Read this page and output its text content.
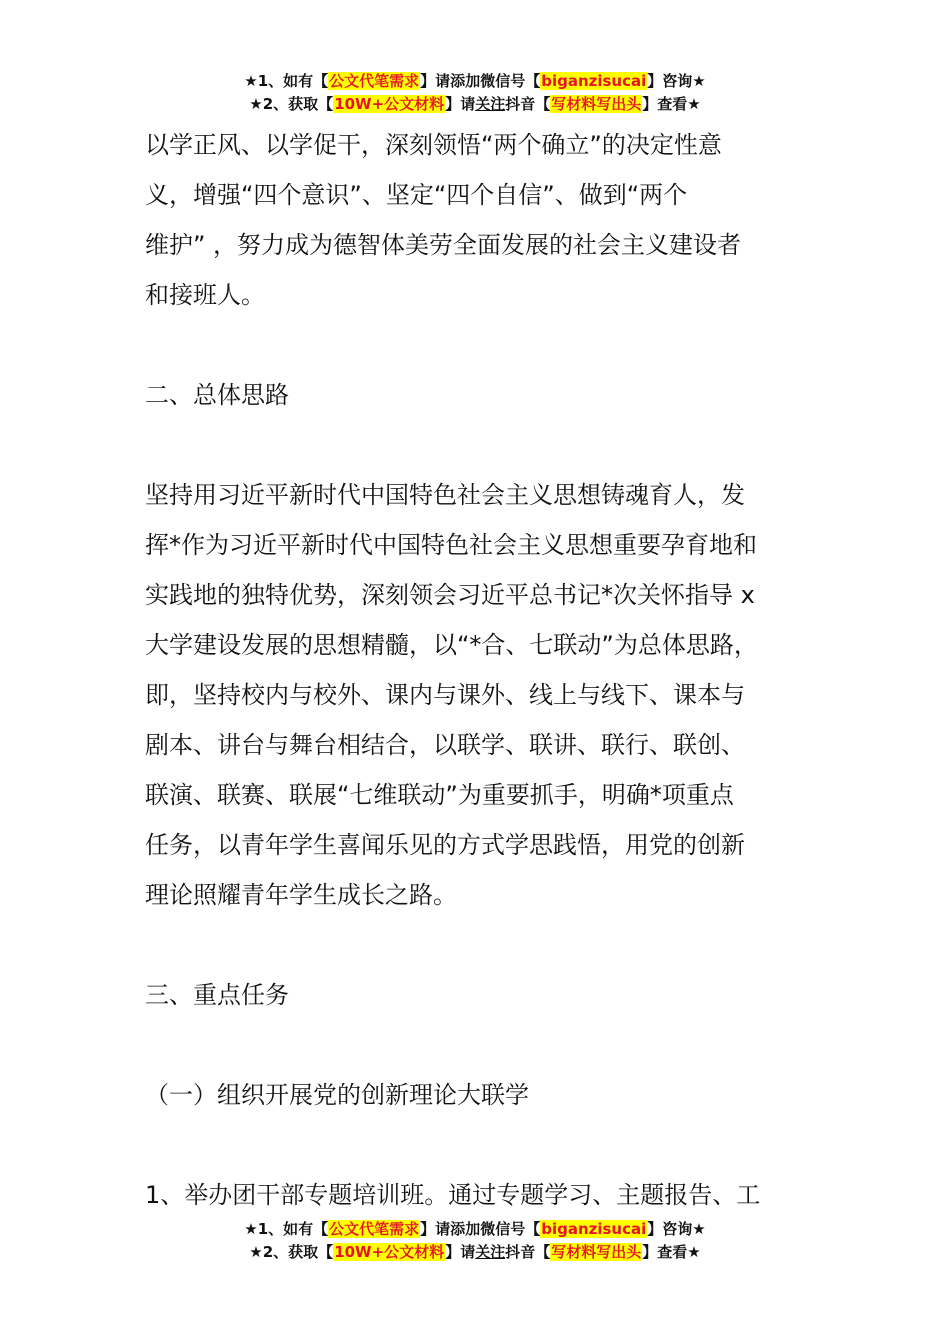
★1、如有【公文代笔需求】请添加微信号【biganzisucai】咨询★
★2、获取【10W+公文材料】请关注抖音【写材料写出头】查看★

以学正风、以学促干，深刻领悟“两个确立”的决定性意

义，增强“四个意识”、坚定“四个自信”、做到“两个

维护” ，努力成为德智体美劳全面发展的社会主义建设者

和接班人。

二、总体思路

坚持用习近平新时代中国特色社会主义思想铸魂育人，发

挥*作为习近平新时代中国特色社会主义思想重要孕育地和

实践地的独特优势，深刻领会习近平总书记*次关怀指导 x

大学建设发展的思想精髓，以“*合、七联动”为总体思路，

即，坚持校内与校外、课内与课外、线上与线下、课本与

剧本、讲台与舞台相结合，以联学、联讲、联行、联创、

联演、联赛、联展“七维联动”为重要抓手，明确*项重点

任务，以青年学生喜闻乐见的方式学思践悟，用党的创新

理论照耀青年学生成长之路。

三、重点任务

（一）组织开展党的创新理论大联学

1、举办团干部专题培训班。通过专题学习、主题报告、工

★1、如有【公文代笔需求】请添加微信号【biganzisucai】咨询★
★2、获取【10W+公文材料】请关注抖音【写材料写出头】查看★
